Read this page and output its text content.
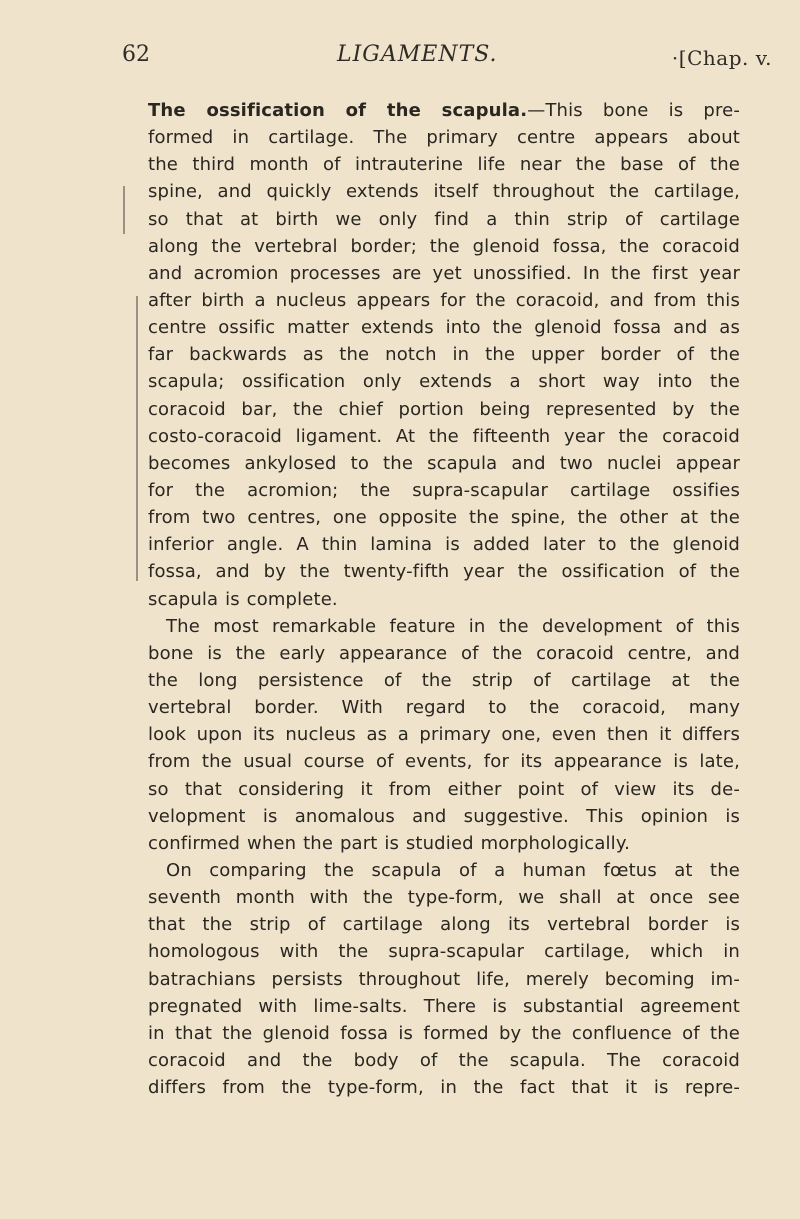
62	LIGAMENTS.	·[Chap. v.
The ossification of the scapula.—This bone is pre-
formed in cartilage. The primary centre appears about
the third month of intrauterine life near the base of the
spine, and quickly extends itself throughout the cartilage,
so that at birth we only find a thin strip of cartilage
along the vertebral border; the glenoid fossa, the coracoid
and acromion processes are yet unossified. In the first year
after birth a nucleus appears for the coracoid, and from this
centre ossific matter extends into the glenoid fossa and as
far backwards as the notch in the upper border of the
scapula; ossification only extends a short way into the
coracoid bar, the chief portion being represented by the
costo-coracoid ligament. At the fifteenth year the coracoid
becomes ankylosed to the scapula and two nuclei appear
for the acromion; the supra-scapular cartilage ossifies
from two centres, one opposite the spine, the other at the
inferior angle. A thin lamina is added later to the glenoid
fossa, and by the twenty-fifth year the ossification of the
scapula is complete.
The most remarkable feature in the development of this
bone is the early appearance of the coracoid centre, and
the long persistence of the strip of cartilage at the
vertebral border. With regard to the coracoid, many
look upon its nucleus as a primary one, even then it differs
from the usual course of events, for its appearance is late,
so that considering it from either point of view its de-
velopment is anomalous and suggestive. This opinion is
confirmed when the part is studied morphologically.
On comparing the scapula of a human fœtus at the
seventh month with the type-form, we shall at once see
that the strip of cartilage along its vertebral border is
homologous with the supra-scapular cartilage, which in
batrachians persists throughout life, merely becoming im-
pregnated with lime-salts. There is substantial agreement
in that the glenoid fossa is formed by the confluence of the
coracoid and the body of the scapula. The coracoid
differs from the type-form, in the fact that it is repre-
